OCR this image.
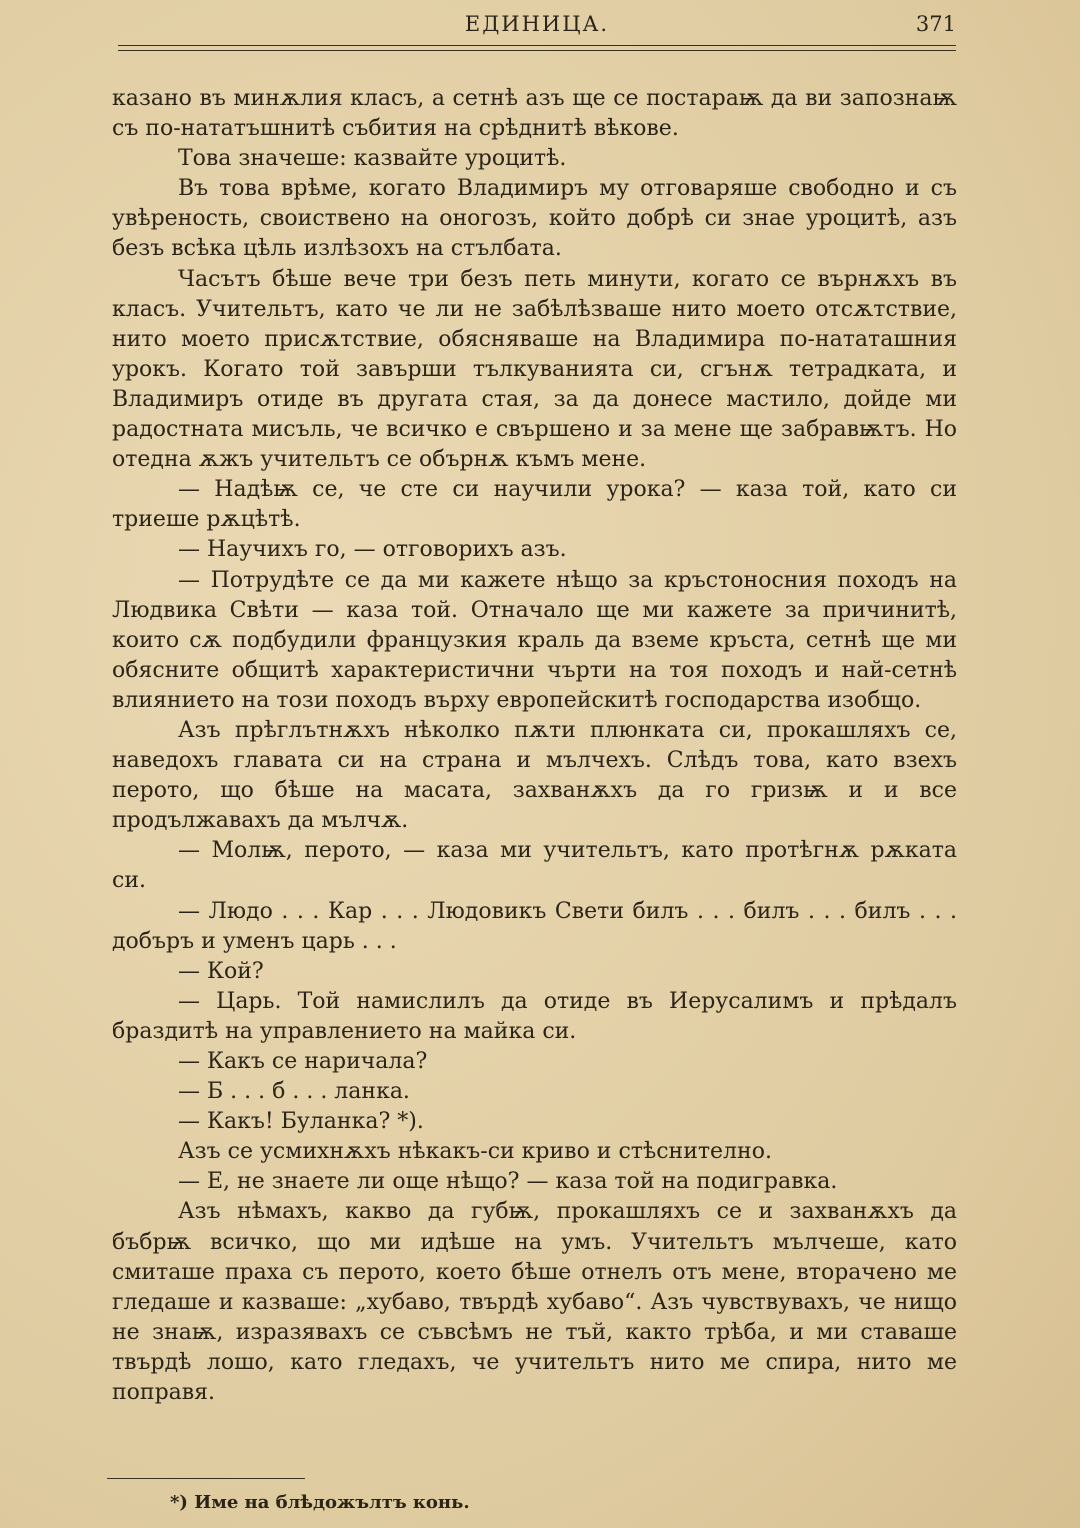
ЕДИНИЦА.	371

казано въ минѫлия класъ, а сетнѣ азъ ще се постараѭ да ви запознаѭ съ по-нататъшнитѣ събития на срѣднитѣ вѣкове.

Това значеше: казвайте уроцитѣ.

Въ това врѣме, когато Владимиръ му отговаряше свободно и съ увѣреность, своиствено на оногозъ, който добрѣ си знае уроцитѣ, азъ безъ всѣка цѣль излѣзохъ на стълбата.

Часътъ бѣше вече три безъ петь минути, когато се върнѫхъ въ класъ. Учительтъ, като че ли не забѣлѣзваше нито моето отсѫтствие, нито моето присѫтствие, обясняваше на Владимира по-нататашния урокъ. Когато той завърши тълкуванията си, сгънѫ тетрадката, и Владимиръ отиде въ другата стая, за да донесе мастило, дойде ми радостната мисъль, че всичко е свършено и за мене ще забравѭтъ. Но отедна ѫжъ учительтъ се обърнѫ къмъ мене.

— Надѣѭ се, че сте си научили урока? — каза той, като си триеше рѫцѣтѣ.

— Научихъ го, — отговорихъ азъ.

— Потрудѣте се да ми кажете нѣщо за кръстоносния походъ на Людвика Свѣти — каза той. Отначало ще ми кажете за причинитѣ, които сѫ подбудили французкия краль да вземе кръста, сетнѣ ще ми обясните общитѣ характеристични чърти на тоя походъ и най-сетнѣ влиянието на този походъ върху европейскитѣ господарства изобщо.

Азъ прѣглътнѫхъ нѣколко пѫти плюнката си, прокашляхъ се, наведохъ главата си на страна и мълчехъ. Слѣдъ това, като взехъ перото, що бѣше на масата, захванѫхъ да го гризѭ и и все продължавахъ да мълчѫ.

— Молѭ, перото, — каза ми учительтъ, като протѣгнѫ рѫката си.

— Людо . . . Кар . . . Людовикъ Свети билъ . . . билъ . . . билъ . . . добъръ и уменъ царь . . .

— Кой?

— Царь. Той намислилъ да отиде въ Иерусалимъ и прѣдалъ браздитѣ на управлението на майка си.

— Какъ се наричала?

— Б . . . б . . . ланка.

— Какъ! Буланка? *).

Азъ се усмихнѫхъ нѣкакъ-си криво и стѣснително.

— Е, не знаете ли още нѣщо? — каза той на подигравка.

Азъ нѣмахъ, какво да губѭ, прокашляхъ се и захванѫхъ да бъбрѭ всичко, що ми идѣше на умъ. Учительтъ мълчеше, като смиташе праха съ перото, което бѣше отнелъ отъ мене, вторачено ме гледаше и казваше: „хубаво, твърдѣ хубаво“. Азъ чувствувахъ, че нищо не знаѭ, изразявахъ се съвсѣмъ не тъй, както трѣба, и ми ставаше твърдѣ лошо, като гледахъ, че учительтъ нито ме спира, нито ме поправя.

*) Име на блѣдожълтъ конь.
